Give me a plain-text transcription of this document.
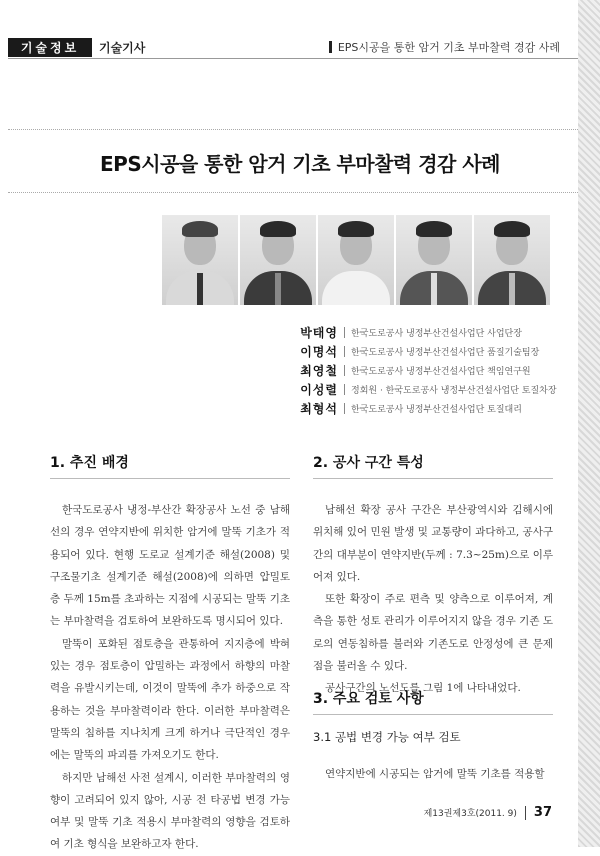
기술정보	기술기사	EPS시공을 통한 암거 기초 부마찰력 경감 사례
EPS시공을 통한 암거 기초 부마찰력 경감 사례
박태영 한국도로공사 냉정부산건설사업단 사업단장
이명석 한국도로공사 냉정부산건설사업단 품질기술팀장
최영철 한국도로공사 냉정부산건설사업단 책임연구원
이성렬 정회원 · 한국도로공사 냉정부산건설사업단 토질차장
최형석 한국도로공사 냉정부산건설사업단 토질대리
1. 추진 배경

한국도로공사 냉정-부산간 확장공사 노선 중 남해선의 경우 연약지반에 위치한 암거에 말뚝 기초가 적용되어 있다. 현행 도로교 설계기준 해설(2008) 및 구조물기초 설계기준 해설(2008)에 의하면 압밀토층 두께 15m를 초과하는 지점에 시공되는 말뚝 기초는 부마찰력을 검토하여 보완하도록 명시되어 있다.

말뚝이 포화된 점토층을 관통하여 지지층에 박혀 있는 경우 점토층이 압밀하는 과정에서 하향의 마찰력을 유발시키는데, 이것이 말뚝에 추가 하중으로 작용하는 것을 부마찰력이라 한다. 이러한 부마찰력은 말뚝의 침하를 지나치게 크게 하거나 극단적인 경우에는 말뚝의 파괴를 가져오기도 한다.

하지만 남해선 사전 설계시, 이러한 부마찰력의 영향이 고려되어 있지 않아, 시공 전 타공법 변경 가능 여부 및 말뚝 기초 적용시 부마찰력의 영향을 검토하여 기초 형식을 보완하고자 한다.

2. 공사 구간 특성

남해선 확장 공사 구간은 부산광역시와 김해시에 위치해 있어 민원 발생 및 교통량이 과다하고, 공사구간의 대부분이 연약지반(두께 : 7.3~25m)으로 이루어져 있다.

또한 확장이 주로 편측 및 양측으로 이루어져, 계측을 통한 성토 관리가 이루어지지 않을 경우 기존 도로의 연동침하를 불러와 기존도로 안정성에 큰 문제점을 불러올 수 있다.

공사구간의 노선도를 그림 1에 나타내었다.

3. 주요 검토 사항
3.1 공법 변경 가능 여부 검토

연약지반에 시공되는 암거에 말뚝 기초를 적용할

제13권제3호(2011. 9) 37
